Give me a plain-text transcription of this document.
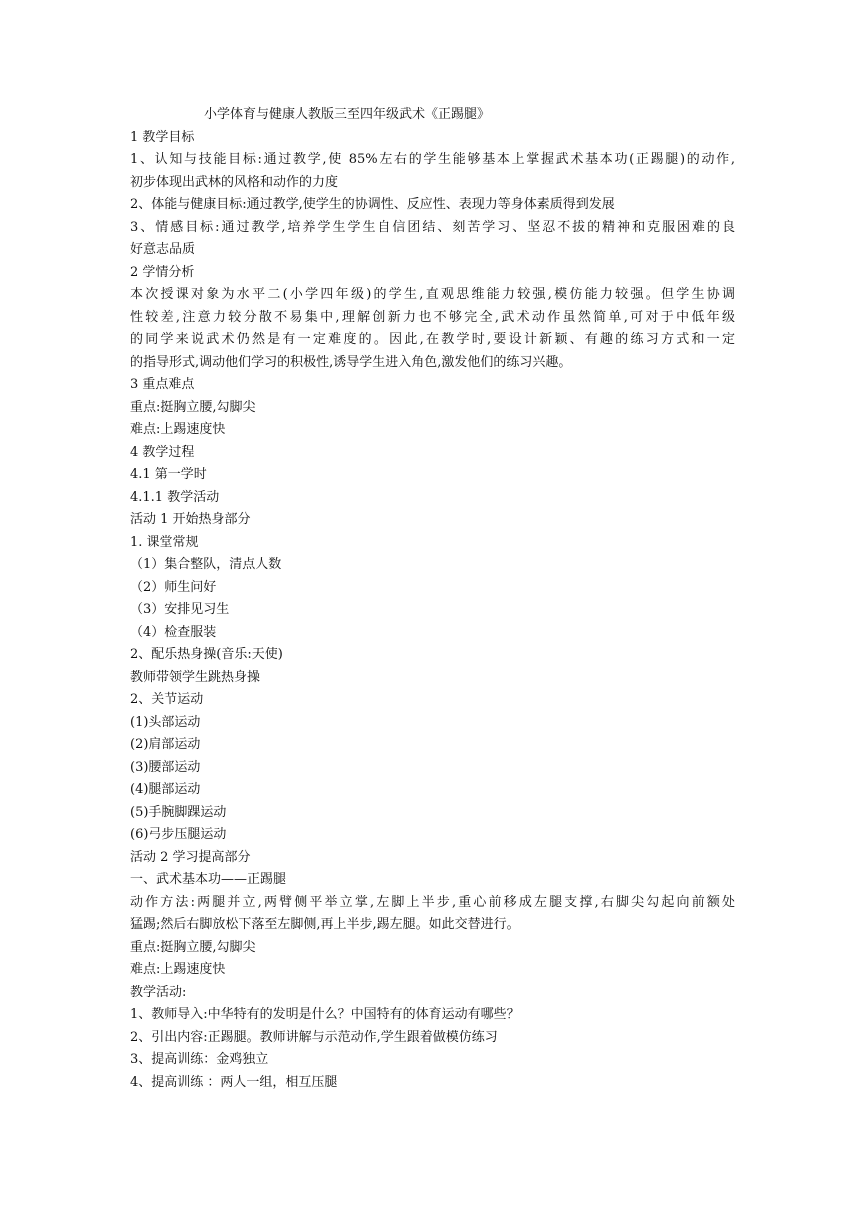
小学体育与健康人教版三至四年级武术《正踢腿》
1 教学目标
1、认知与技能目标:通过教学,使 85%左右的学生能够基本上掌握武术基本功(正踢腿)的动作,
初步体现出武林的风格和动作的力度
2、体能与健康目标:通过教学,使学生的协调性、反应性、表现力等身体素质得到发展
3、情感目标:通过教学,培养学生学生自信团结、刻苦学习、坚忍不拔的精神和克服困难的良
好意志品质
2 学情分析
本次授课对象为水平二(小学四年级)的学生,直观思维能力较强,模仿能力较强。但学生协调
性较差,注意力较分散不易集中,理解创新力也不够完全,武术动作虽然简单,可对于中低年级
的同学来说武术仍然是有一定难度的。因此,在教学时,要设计新颖、有趣的练习方式和一定
的指导形式,调动他们学习的积极性,诱导学生进入角色,激发他们的练习兴趣。
3 重点难点
重点:挺胸立腰,勾脚尖
难点:上踢速度快
4 教学过程
4.1 第一学时
4.1.1 教学活动
活动 1 开始热身部分
1. 课堂常规
（1）集合整队，清点人数
（2）师生问好
（3）安排见习生
（4）检查服装
2、配乐热身操(音乐:天使)
教师带领学生跳热身操
2、关节运动
(1)头部运动
(2)肩部运动
(3)腰部运动
(4)腿部运动
(5)手腕脚踝运动
(6)弓步压腿运动
活动 2 学习提高部分
一、武术基本功——正踢腿
动作方法:两腿并立,两臂侧平举立掌,左脚上半步,重心前移成左腿支撑,右脚尖勾起向前额处
猛踢;然后右脚放松下落至左脚侧,再上半步,踢左腿。如此交替进行。
重点:挺胸立腰,勾脚尖
难点:上踢速度快
教学活动:
1、教师导入:中华特有的发明是什么？中国特有的体育运动有哪些？
2、引出内容:正踢腿。教师讲解与示范动作,学生跟着做模仿练习
3、提高训练：金鸡独立
4、提高训练 ：两人一组，相互压腿
